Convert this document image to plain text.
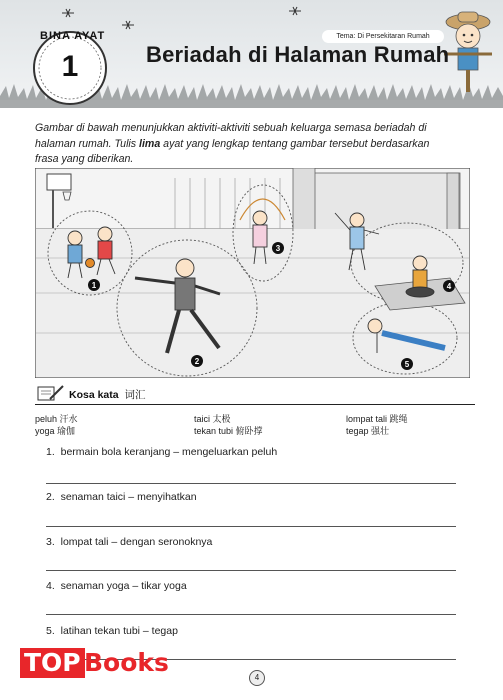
BINA AYAT
1
Tema: Di Persekitaran Rumah
Beriadah di Halaman Rumah
Gambar di bawah menunjukkan aktiviti-aktiviti sebuah keluarga semasa beriadah di
halaman rumah. Tulis lima ayat yang lengkap tentang gambar tersebut berdasarkan
frasa yang diberikan.
1
2
3
4
5
Kosa kata 词汇
peluh 汗水
yoga 瑜伽
taici 太极
tekan tubi 俯卧撑
lompat tali 跳绳
tegap 强壮
1. bermain bola keranjang – mengeluarkan peluh
2. senaman taici – menyihatkan
3. lompat tali – dengan seronoknya
4. senaman yoga – tikar yoga
5. latihan tekan tubi – tegap
TOP Books
4
